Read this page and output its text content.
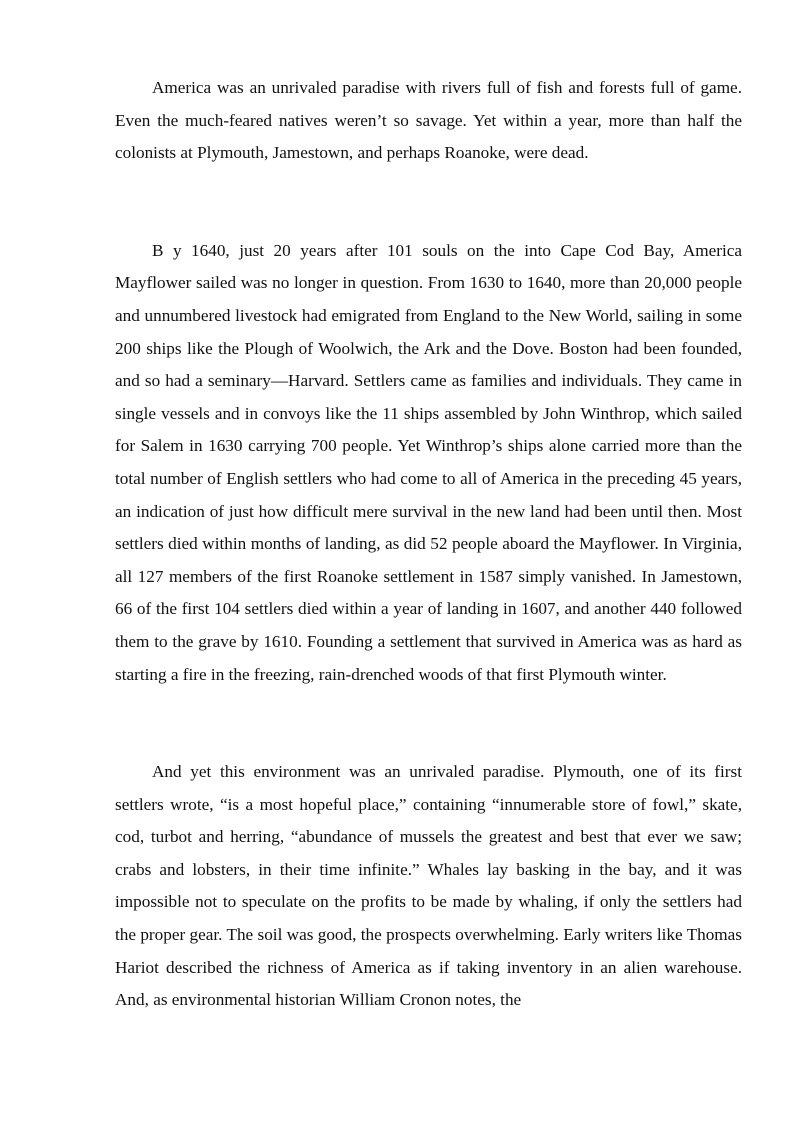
America was an unrivaled paradise with rivers full of fish and forests full of game. Even the much-feared natives weren’t so savage. Yet within a year, more than half the colonists at Plymouth, Jamestown, and perhaps Roanoke, were dead.

B y 1640, just 20 years after 101 souls on the into Cape Cod Bay, America Mayflower sailed was no longer in question. From 1630 to 1640, more than 20,000 people and unnumbered livestock had emigrated from England to the New World, sailing in some 200 ships like the Plough of Woolwich, the Ark and the Dove. Boston had been founded, and so had a seminary—Harvard. Settlers came as families and individuals. They came in single vessels and in convoys like the 11 ships assembled by John Winthrop, which sailed for Salem in 1630 carrying 700 people. Yet Winthrop’s ships alone carried more than the total number of English settlers who had come to all of America in the preceding 45 years, an indication of just how difficult mere survival in the new land had been until then. Most settlers died within months of landing, as did 52 people aboard the Mayflower. In Virginia, all 127 members of the first Roanoke settlement in 1587 simply vanished. In Jamestown, 66 of the first 104 settlers died within a year of landing in 1607, and another 440 followed them to the grave by 1610. Founding a settlement that survived in America was as hard as starting a fire in the freezing, rain-drenched woods of that first Plymouth winter.

And yet this environment was an unrivaled paradise. Plymouth, one of its first settlers wrote, “is a most hopeful place,” containing “innumerable store of fowl,” skate, cod, turbot and herring, “abundance of mussels the greatest and best that ever we saw; crabs and lobsters, in their time infinite.” Whales lay basking in the bay, and it was impossible not to speculate on the profits to be made by whaling, if only the settlers had the proper gear. The soil was good, the prospects overwhelming. Early writers like Thomas Hariot described the richness of America as if taking inventory in an alien warehouse. And, as environmental historian William Cronon notes, the
